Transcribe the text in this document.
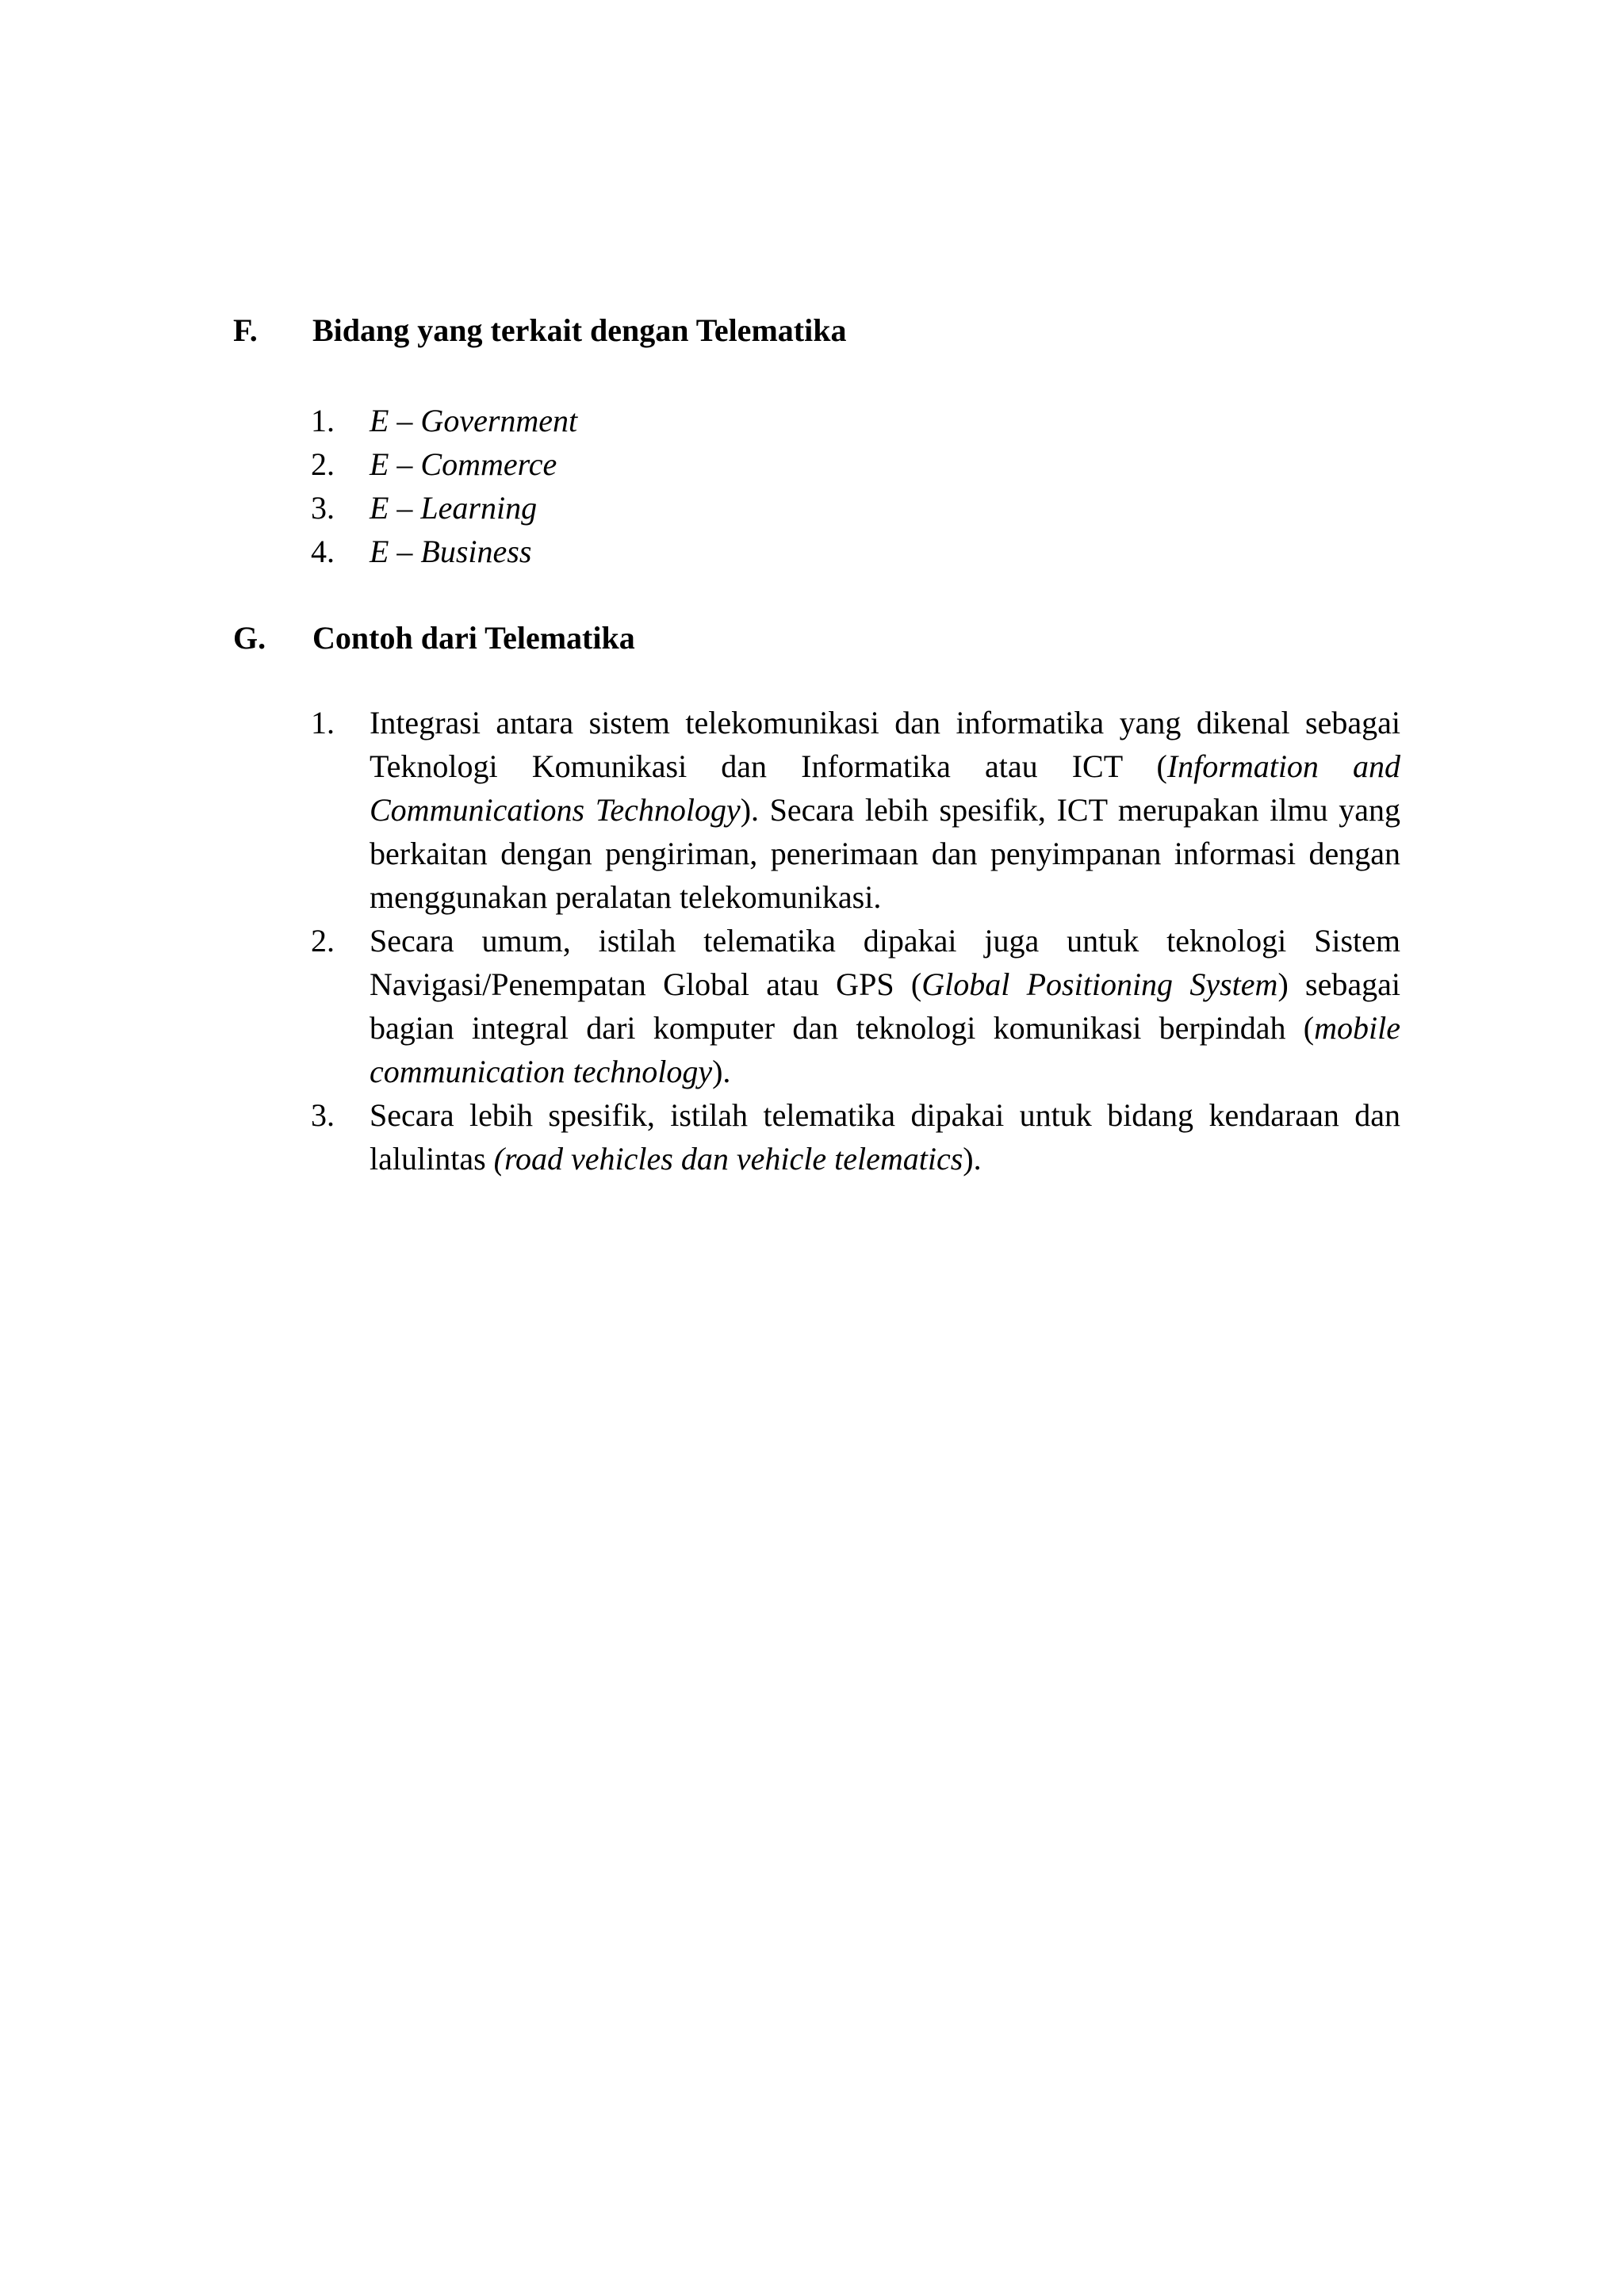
F. Bidang yang terkait dengan Telematika
1. E – Government
2. E – Commerce
3. E – Learning
4. E – Business
G. Contoh dari Telematika
1. Integrasi antara sistem telekomunikasi dan informatika yang dikenal sebagai Teknologi Komunikasi dan Informatika atau ICT (Information and Communications Technology). Secara lebih spesifik, ICT merupakan ilmu yang berkaitan dengan pengiriman, penerimaan dan penyimpanan informasi dengan menggunakan peralatan telekomunikasi.
2. Secara umum, istilah telematika dipakai juga untuk teknologi Sistem Navigasi/Penempatan Global atau GPS (Global Positioning System) sebagai bagian integral dari komputer dan teknologi komunikasi berpindah (mobile communication technology).
3. Secara lebih spesifik, istilah telematika dipakai untuk bidang kendaraan dan lalulintas (road vehicles dan vehicle telematics).
